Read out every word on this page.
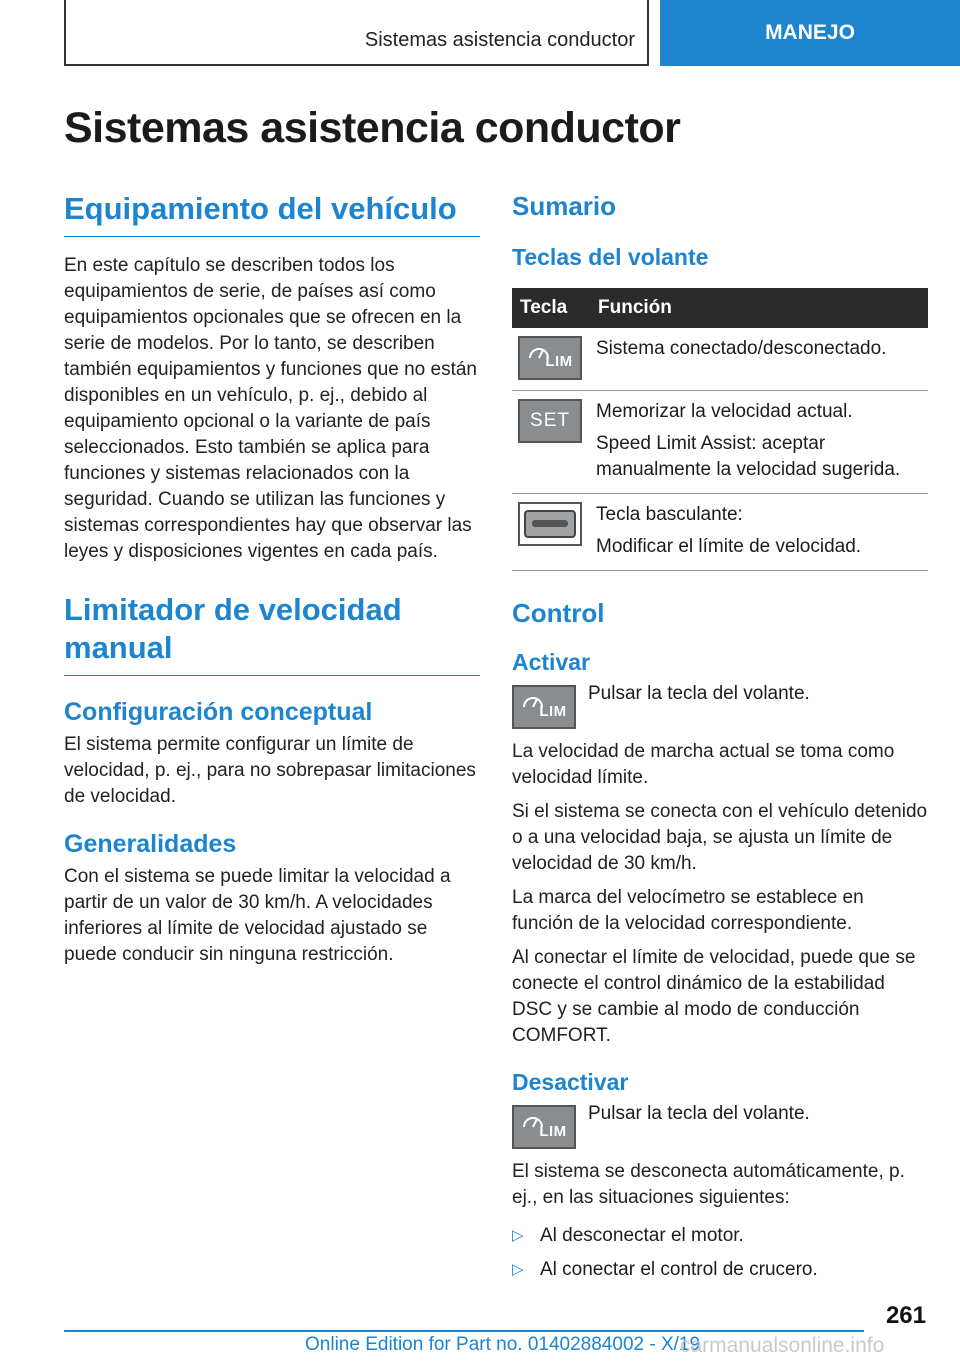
Sistemas asistencia conductor	MANEJO
Sistemas asistencia conductor
Equipamiento del vehículo

En este capítulo se describen todos los equipamientos de serie, de países así como equipamientos opcionales que se ofrecen en la serie de modelos. Por lo tanto, se describen también equipamientos y funciones que no están disponibles en un vehículo, p. ej., debido al equipamiento opcional o la variante de país seleccionados. Esto también se aplica para funciones y sistemas relacionados con la seguridad. Cuando se utilizan las funciones y sistemas correspondientes hay que observar las leyes y disposiciones vigentes en cada país.

Limitador de velocidad manual
Configuración conceptual

El sistema permite configurar un límite de velocidad, p. ej., para no sobrepasar limitaciones de velocidad.

Generalidades

Con el sistema se puede limitar la velocidad a partir de un valor de 30 km/h. A velocidades inferiores al límite de velocidad ajustado se puede conducir sin ninguna restricción.

Sumario
Teclas del volante
Tecla	Función

LIM	Sistema conectado/desconectado.

SET	Memorizar la velocidad actual.

Speed Limit Assist: aceptar manualmente la velocidad sugerida.

	Tecla basculante:

Modificar el límite de velocidad.

Control
Activar
LIM

Pulsar la tecla del volante.

La velocidad de marcha actual se toma como velocidad límite.

Si el sistema se conecta con el vehículo detenido o a una velocidad baja, se ajusta un límite de velocidad de 30 km/h.

La marca del velocímetro se establece en función de la velocidad correspondiente.

Al conectar el límite de velocidad, puede que se conecte el control dinámico de la estabilidad DSC y se cambie al modo de conducción COMFORT.

Desactivar
LIM

Pulsar la tecla del volante.

El sistema se desconecta automáticamente, p. ej., en las situaciones siguientes:

▷ Al desconectar el motor.
▷ Al conectar el control de crucero.
261
Online Edition for Part no. 01402884002 - X/19
carmanualsonline.info
